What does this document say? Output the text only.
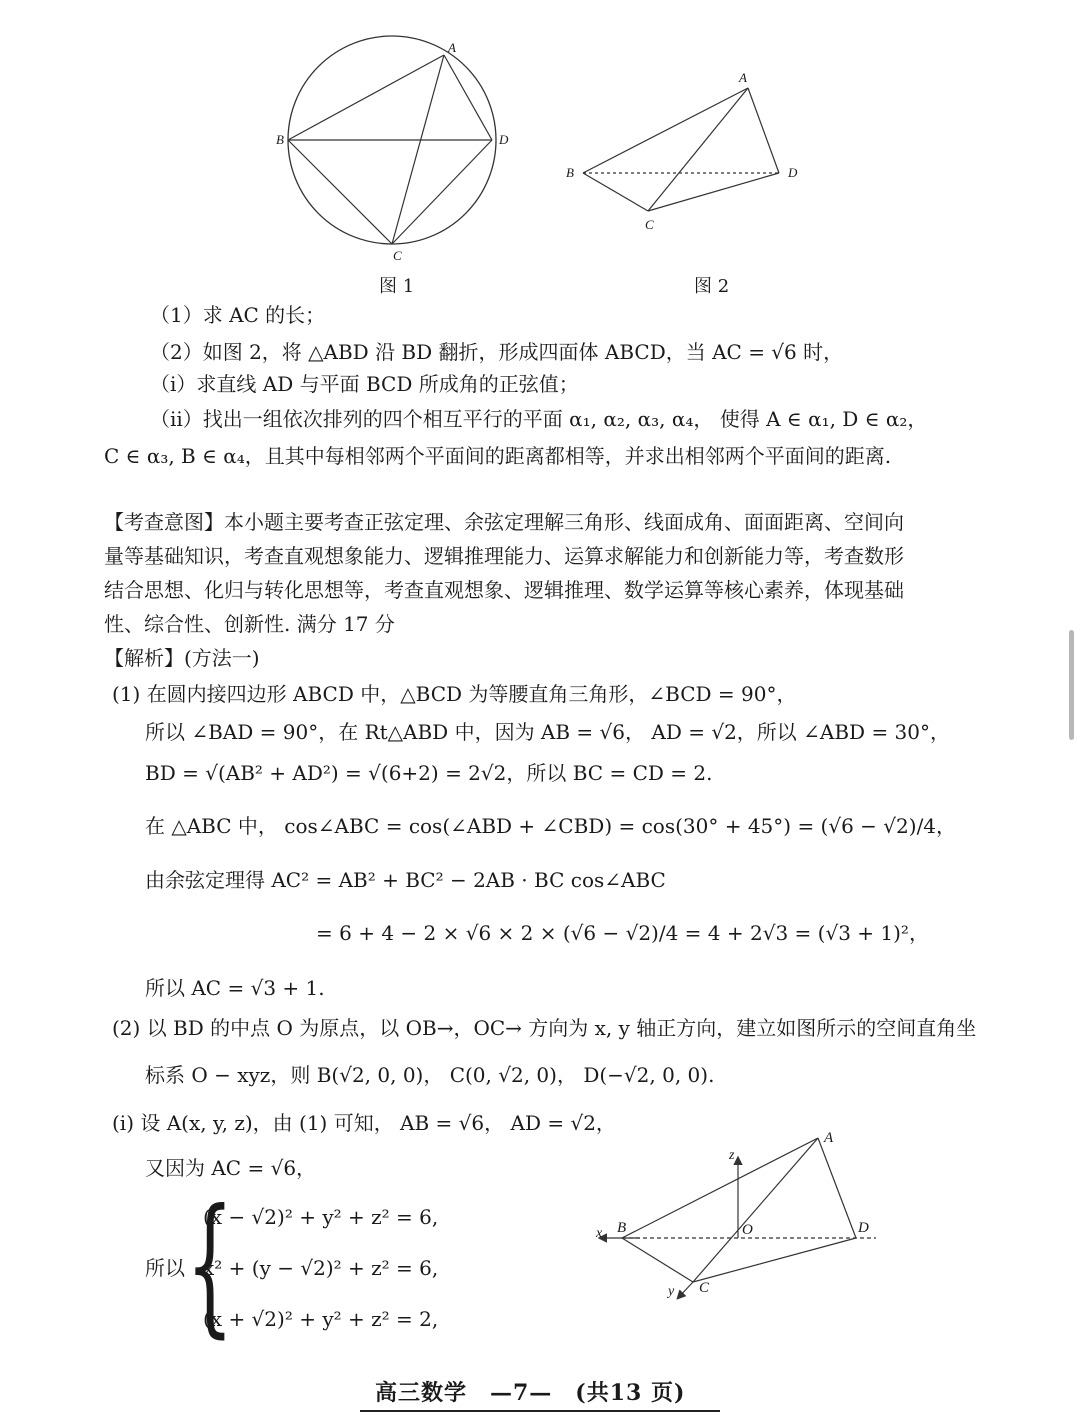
A
B
C
D
图 1
A
B
C
D
图 2
（1）求 AC 的长；
（2）如图 2，将 △ABD 沿 BD 翻折，形成四面体 ABCD，当 AC = √6 时，
（i）求直线 AD 与平面 BCD 所成角的正弦值；
（ii）找出一组依次排列的四个相互平行的平面 α₁, α₂, α₃, α₄， 使得 A ∈ α₁, D ∈ α₂，
C ∈ α₃, B ∈ α₄，且其中每相邻两个平面间的距离都相等，并求出相邻两个平面间的距离.
【考查意图】本小题主要考查正弦定理、余弦定理解三角形、线面成角、面面距离、空间向
量等基础知识，考查直观想象能力、逻辑推理能力、运算求解能力和创新能力等，考查数形
结合思想、化归与转化思想等，考查直观想象、逻辑推理、数学运算等核心素养，体现基础
性、综合性、创新性. 满分 17 分
【解析】(方法一)
(1) 在圆内接四边形 ABCD 中，△BCD 为等腰直角三角形，∠BCD = 90°，
所以 ∠BAD = 90°，在 Rt△ABD 中，因为 AB = √6， AD = √2，所以 ∠ABD = 30°，
BD = √(AB² + AD²) = √(6+2) = 2√2，所以 BC = CD = 2.
在 △ABC 中， cos∠ABC = cos(∠ABD + ∠CBD) = cos(30° + 45°) = (√6 − √2)/4，
由余弦定理得 AC² = AB² + BC² − 2AB · BC cos∠ABC
= 6 + 4 − 2 × √6 × 2 × (√6 − √2)/4 = 4 + 2√3 = (√3 + 1)²，
所以 AC = √3 + 1.
(2) 以 BD 的中点 O 为原点，以 OB→，OC→ 方向为 x, y 轴正方向，建立如图所示的空间直角坐
标系 O − xyz，则 B(√2, 0, 0)， C(0, √2, 0)， D(−√2, 0, 0).
(i) 设 A(x, y, z)，由 (1) 可知， AB = √6， AD = √2，
又因为 AC = √6，
所以 {
(x − √2)² + y² + z² = 6,
x² + (y − √2)² + z² = 6,
(x + √2)² + y² + z² = 2,
A
B
C
D
O
x
y
z
高三数学　—7—　(共13 页)
